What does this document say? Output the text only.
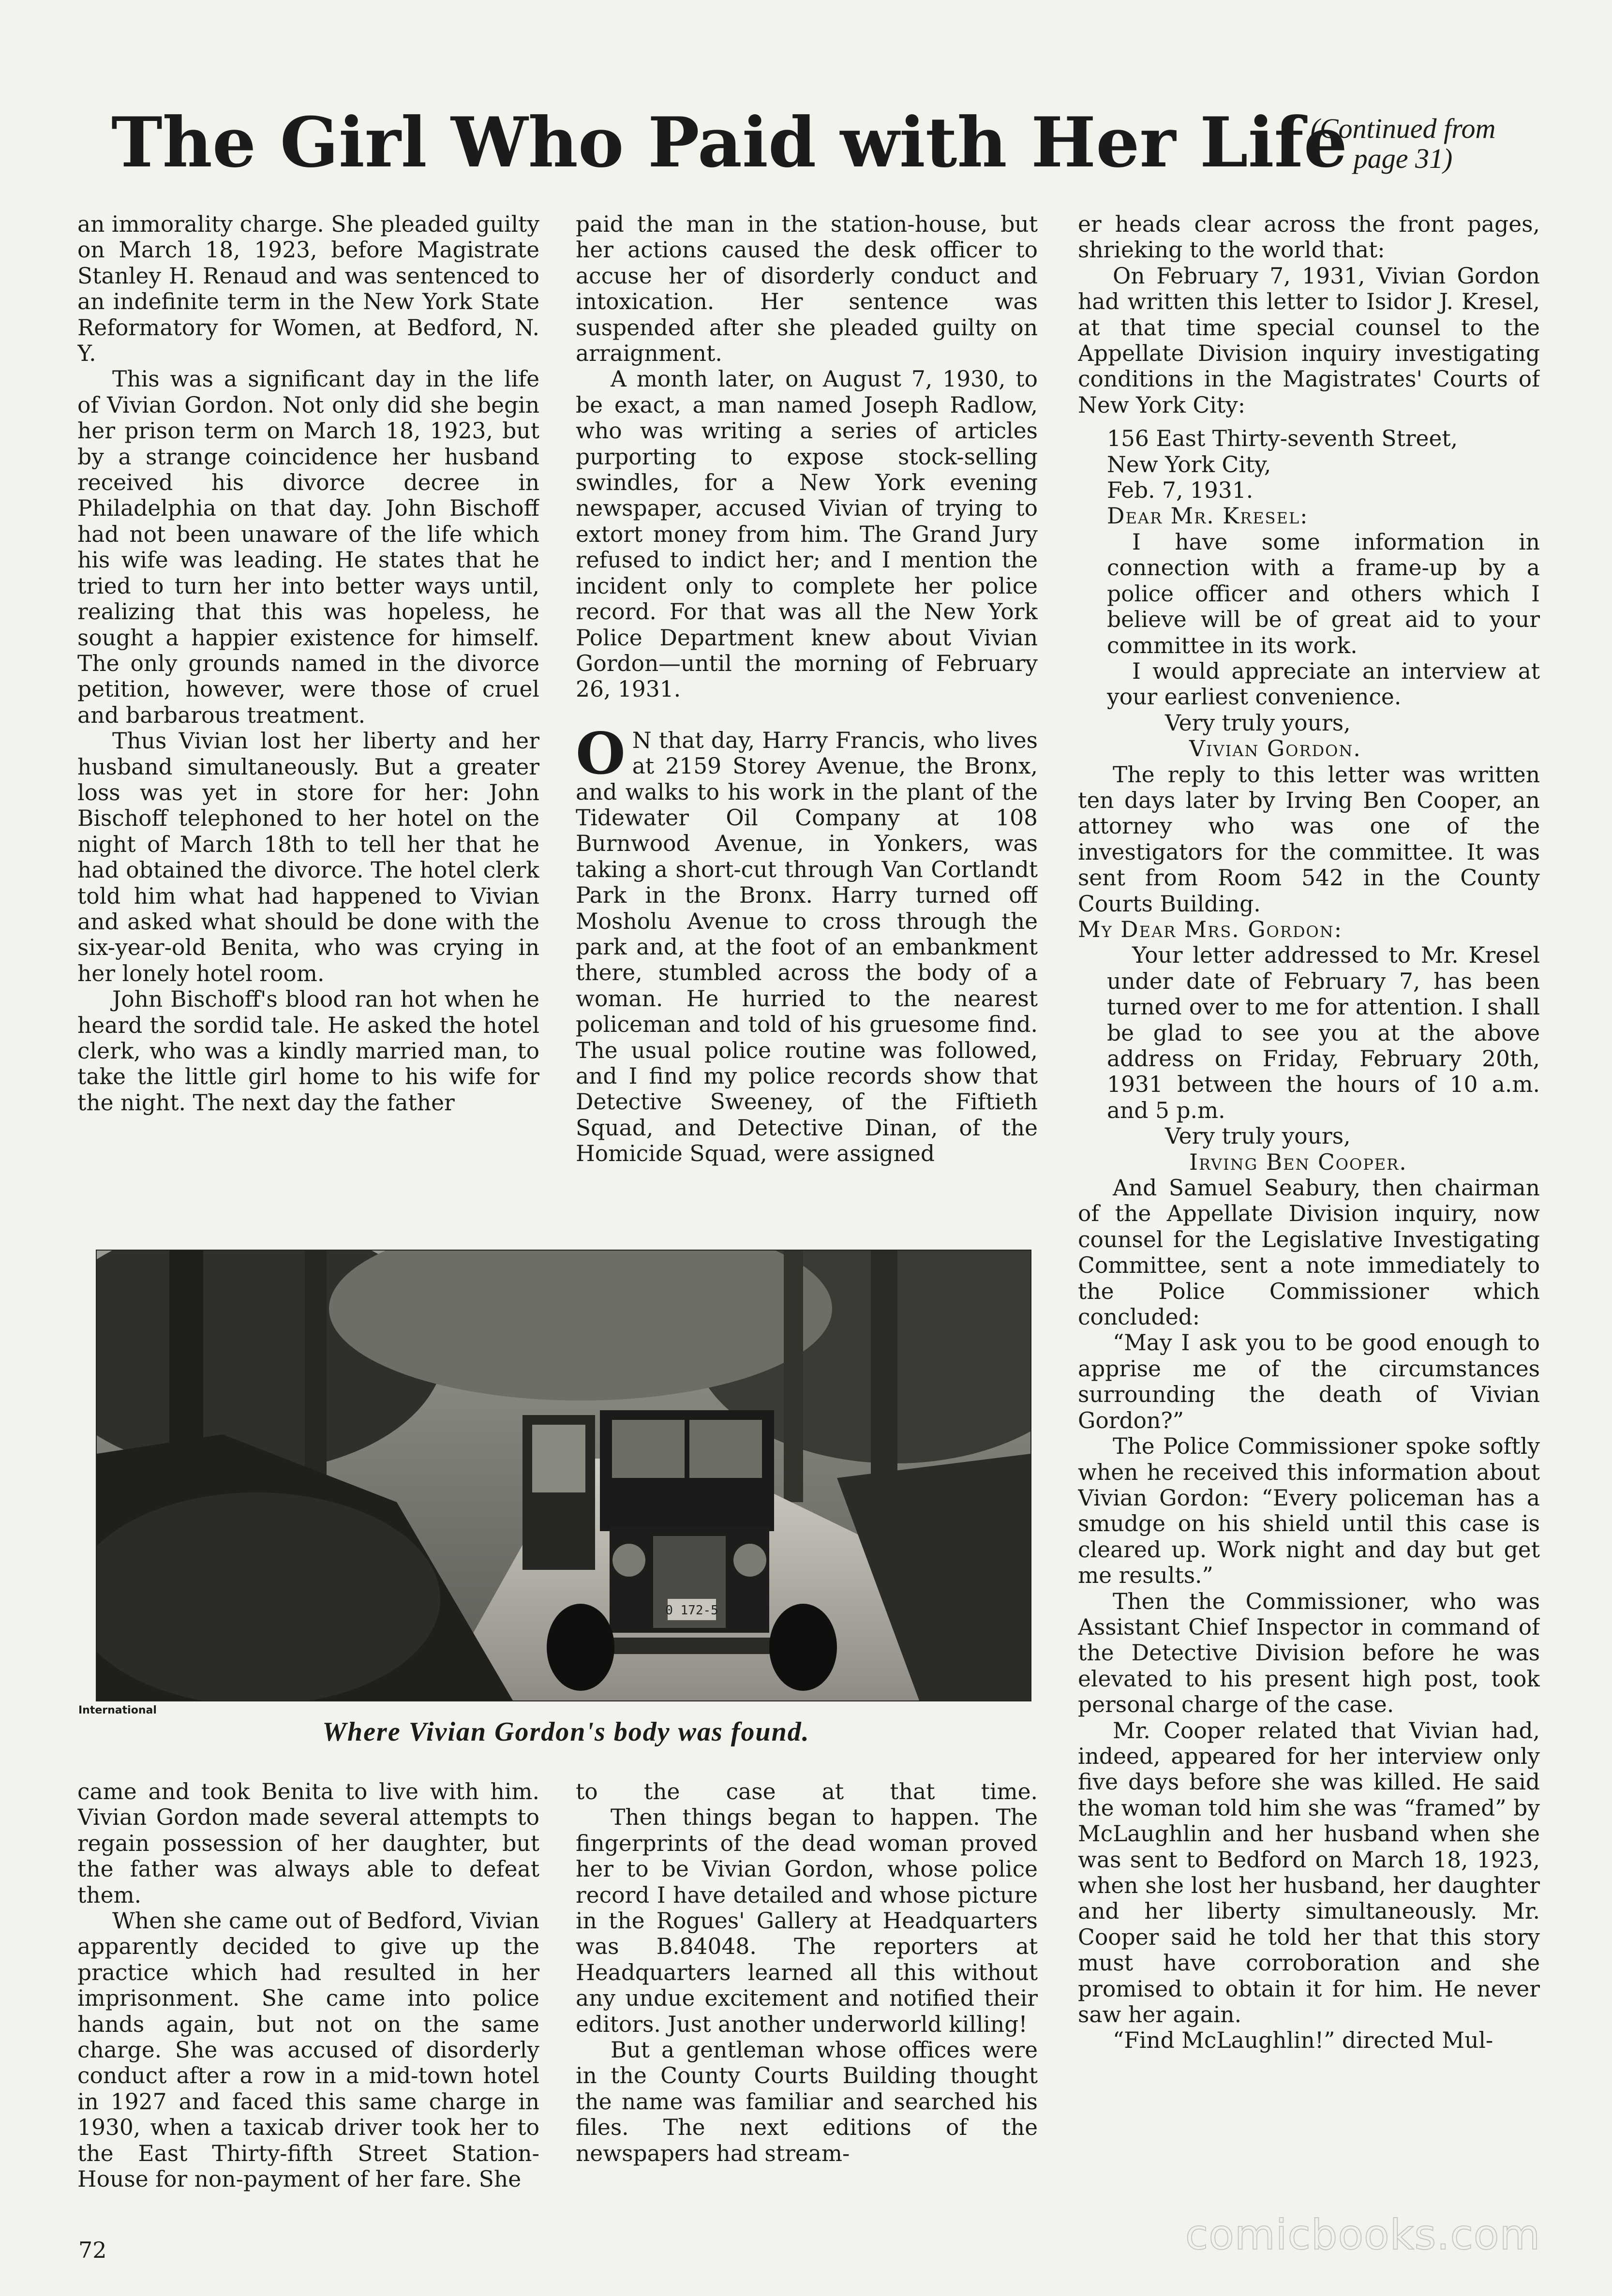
The Girl Who Paid with Her Life
(Continued from
page 31)

an immorality charge. She pleaded guilty on March 18, 1923, before Magistrate Stanley H. Renaud and was sentenced to an indefinite term in the New York State Reformatory for Women, at Bedford, N. Y.

This was a significant day in the life of Vivian Gordon. Not only did she begin her prison term on March 18, 1923, but by a strange coincidence her husband received his divorce decree in Philadelphia on that day. John Bischoff had not been unaware of the life which his wife was leading. He states that he tried to turn her into better ways until, realizing that this was hopeless, he sought a happier existence for himself. The only grounds named in the divorce petition, however, were those of cruel and barbarous treatment.

Thus Vivian lost her liberty and her husband simultaneously. But a greater loss was yet in store for her: John Bischoff telephoned to her hotel on the night of March 18th to tell her that he had obtained the divorce. The hotel clerk told him what had happened to Vivian and asked what should be done with the six-year-old Benita, who was crying in her lonely hotel room.

John Bischoff's blood ran hot when he heard the sordid tale. He asked the hotel clerk, who was a kindly married man, to take the little girl home to his wife for the night. The next day the father

paid the man in the station-house, but her actions caused the desk officer to accuse her of disorderly conduct and intoxication. Her sentence was suspended after she pleaded guilty on arraignment.

A month later, on August 7, 1930, to be exact, a man named Joseph Radlow, who was writing a series of articles purporting to expose stock-selling swindles, for a New York evening newspaper, accused Vivian of trying to extort money from him. The Grand Jury refused to indict her; and I mention the incident only to complete her police record. For that was all the New York Police Department knew about Vivian Gordon—until the morning of February 26, 1931.

O N that day, Harry Francis, who lives at 2159 Storey Avenue, the Bronx, and walks to his work in the plant of the Tidewater Oil Company at 108 Burnwood Avenue, in Yonkers, was taking a short-cut through Van Cortlandt Park in the Bronx. Harry turned off Mosholu Avenue to cross through the park and, at the foot of an embankment there, stumbled across the body of a woman. He hurried to the nearest policeman and told of his gruesome find. The usual police routine was followed, and I find my police records show that Detective Sweeney, of the Fiftieth Squad, and Detective Dinan, of the Homicide Squad, were assigned

er heads clear across the front pages, shrieking to the world that:

On February 7, 1931, Vivian Gordon had written this letter to Isidor J. Kresel, at that time special counsel to the Appellate Division inquiry investigating conditions in the Magistrates' Courts of New York City:

156 East Thirty-seventh Street,

New York City,

Feb. 7, 1931.

Dear Mr. Kresel:

I have some information in connection with a frame-up by a police officer and others which I believe will be of great aid to your committee in its work.

I would appreciate an interview at your earliest convenience.

Very truly yours,

Vivian Gordon.

The reply to this letter was written ten days later by Irving Ben Cooper, an attorney who was one of the investigators for the committee. It was sent from Room 542 in the County Courts Building.

My Dear Mrs. Gordon:

Your letter addressed to Mr. Kresel under date of February 7, has been turned over to me for attention. I shall be glad to see you at the above address on Friday, February 20th, 1931 between the hours of 10 a.m. and 5 p.m.

Very truly yours,

Irving Ben Cooper.

And Samuel Seabury, then chairman of the Appellate Division inquiry, now counsel for the Legislative Investigating Committee, sent a note immediately to the Police Commissioner which concluded:

“May I ask you to be good enough to apprise me of the circumstances surrounding the death of Vivian Gordon?”

The Police Commissioner spoke softly when he received this information about Vivian Gordon: “Every policeman has a smudge on his shield until this case is cleared up. Work night and day but get me results.”

Then the Commissioner, who was Assistant Chief Inspector in command of the Detective Division before he was elevated to his present high post, took personal charge of the case.

Mr. Cooper related that Vivian had, indeed, appeared for her interview only five days before she was killed. He said the woman told him she was “framed” by McLaughlin and her husband when she was sent to Bedford on March 18, 1923, when she lost her husband, her daughter and her liberty simultaneously. Mr. Cooper said he told her that this story must have corroboration and she promised to obtain it for him. He never saw her again.

“Find McLaughlin!” directed Mul-

0 172-5
International
Where Vivian Gordon's body was found.

came and took Benita to live with him. Vivian Gordon made several attempts to regain possession of her daughter, but the father was always able to defeat them.

When she came out of Bedford, Vivian apparently decided to give up the practice which had resulted in her imprisonment. She came into police hands again, but not on the same charge. She was accused of disorderly conduct after a row in a mid-town hotel in 1927 and faced this same charge in 1930, when a taxicab driver took her to the East Thirty-fifth Street Station-House for non-payment of her fare. She

to the case at that time.

Then things began to happen. The fingerprints of the dead woman proved her to be Vivian Gordon, whose police record I have detailed and whose picture in the Rogues' Gallery at Headquarters was B.84048. The reporters at Headquarters learned all this without any undue excitement and notified their editors. Just another underworld killing!

But a gentleman whose offices were in the County Courts Building thought the name was familiar and searched his files. The next editions of the newspapers had stream-

72	comicbooks.com
